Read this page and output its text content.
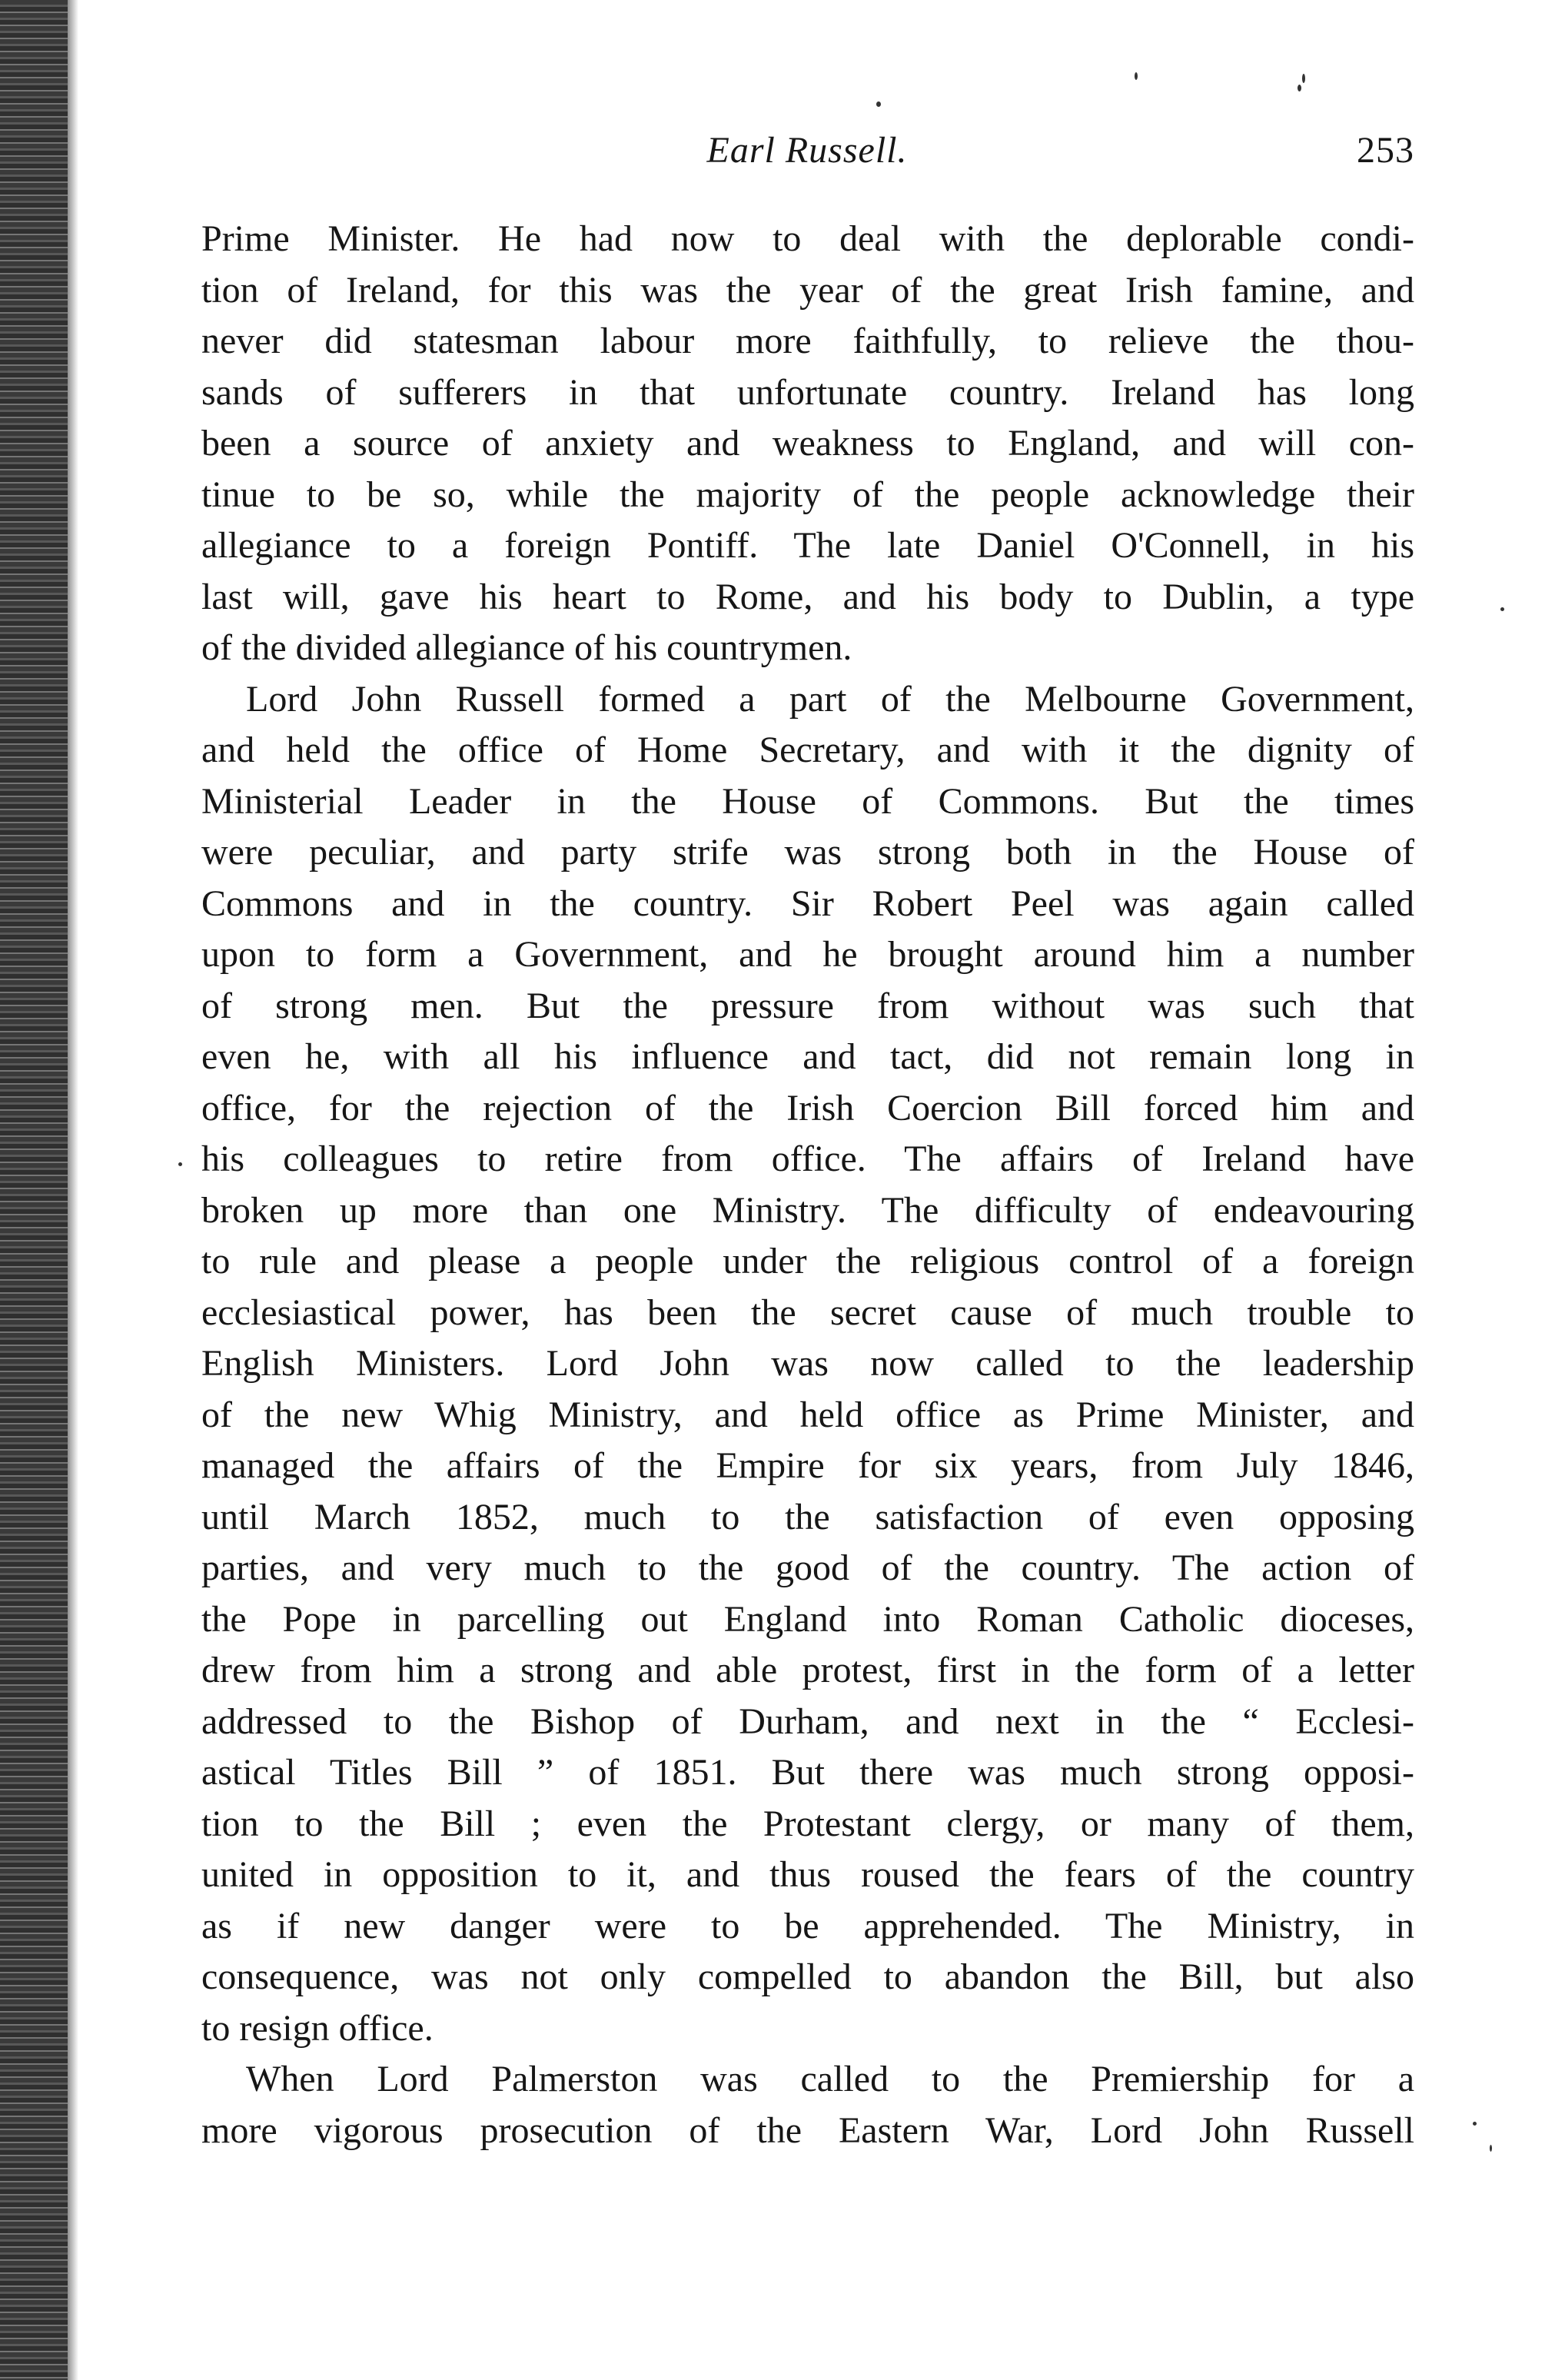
Earl Russell.	253
Prime Minister. He had now to deal with the deplorable condi-
tion of Ireland, for this was the year of the great Irish famine, and
never did statesman labour more faithfully, to relieve the thou-
sands of sufferers in that unfortunate country. Ireland has long
been a source of anxiety and weakness to England, and will con-
tinue to be so, while the majority of the people acknowledge their
allegiance to a foreign Pontiff. The late Daniel O'Connell, in his
last will, gave his heart to Rome, and his body to Dublin, a type
of the divided allegiance of his countrymen.
Lord John Russell formed a part of the Melbourne Government,
and held the office of Home Secretary, and with it the dignity of
Ministerial Leader in the House of Commons. But the times
were peculiar, and party strife was strong both in the House of
Commons and in the country. Sir Robert Peel was again called
upon to form a Government, and he brought around him a number
of strong men. But the pressure from without was such that
even he, with all his influence and tact, did not remain long in
office, for the rejection of the Irish Coercion Bill forced him and
his colleagues to retire from office. The affairs of Ireland have
broken up more than one Ministry. The difficulty of endeavouring
to rule and please a people under the religious control of a foreign
ecclesiastical power, has been the secret cause of much trouble to
English Ministers. Lord John was now called to the leadership
of the new Whig Ministry, and held office as Prime Minister, and
managed the affairs of the Empire for six years, from July 1846,
until March 1852, much to the satisfaction of even opposing
parties, and very much to the good of the country. The action of
the Pope in parcelling out England into Roman Catholic dioceses,
drew from him a strong and able protest, first in the form of a letter
addressed to the Bishop of Durham, and next in the “ Ecclesi-
astical Titles Bill ” of 1851. But there was much strong opposi-
tion to the Bill ; even the Protestant clergy, or many of them,
united in opposition to it, and thus roused the fears of the country
as if new danger were to be apprehended. The Ministry, in
consequence, was not only compelled to abandon the Bill, but also
to resign office.
When Lord Palmerston was called to the Premiership for a
more vigorous prosecution of the Eastern War, Lord John Russell
